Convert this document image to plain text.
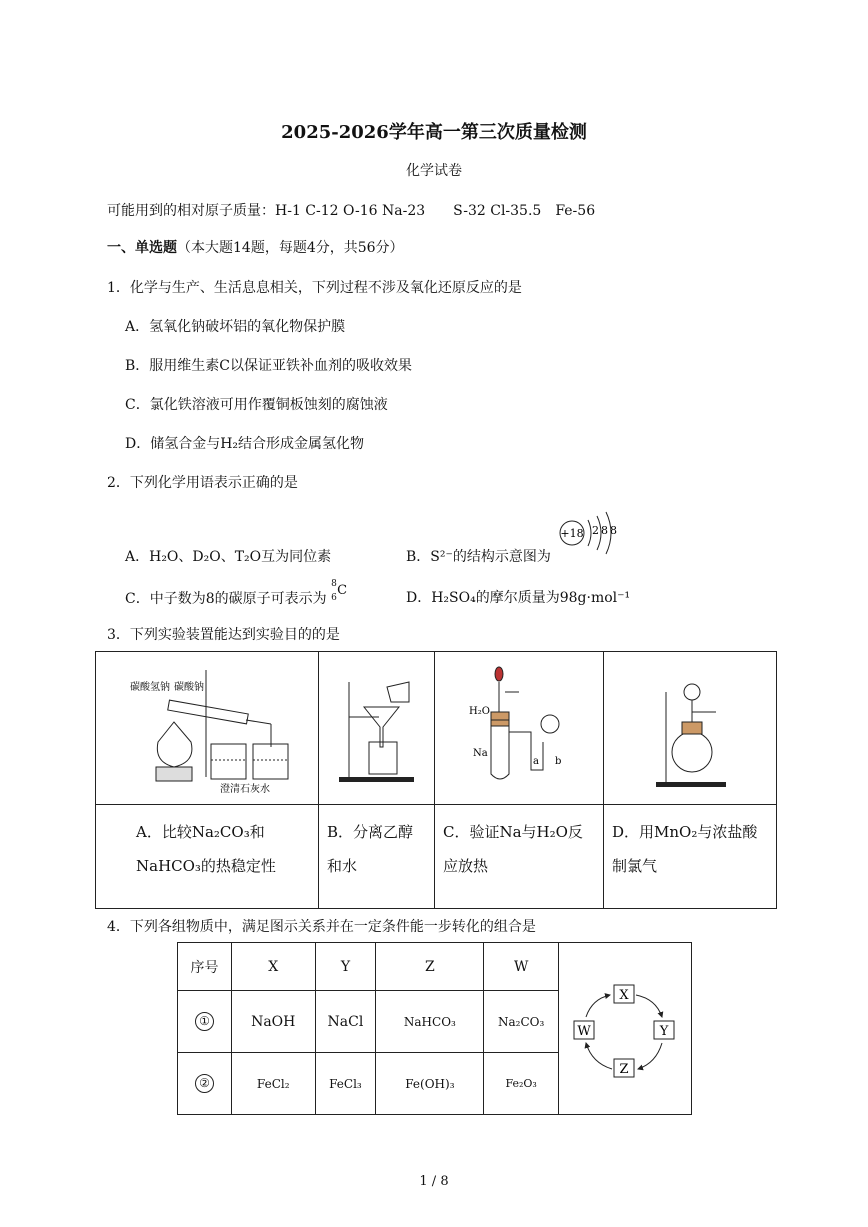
2025-2026学年高一第三次质量检测
化学试卷
可能用到的相对原子质量：H-1 C-12 O-16 Na-23　　S-32 Cl-35.5　Fe-56
一、单选题（本大题14题，每题4分，共56分）
1．化学与生产、生活息息相关，下列过程不涉及氧化还原反应的是
A．氢氧化钠破坏铝的氧化物保护膜
B．服用维生素C以保证亚铁补血剂的吸收效果
C．氯化铁溶液可用作覆铜板蚀刻的腐蚀液
D．储氢合金与H₂结合形成金属氢化物
2．下列化学用语表示正确的是
A．H₂O、D₂O、T₂O互为同位素	B．S²⁻的结构示意图为
+18 2 8 8
C．中子数为8的碳原子可表示为
8
6 C	D．H₂SO₄的摩尔质量为98g·mol⁻¹
3．下列实验装置能达到实验目的的是
碳酸氢钠 碳酸钠
澄清石灰水		H₂O
Na
a b

A．比较Na₂CO₃和NaHCO₃的热稳定性	B．分离乙醇和水	C．验证Na与H₂O反应放热	D．用MnO₂与浓盐酸制氯气
4．下列各组物质中，满足图示关系并在一定条件能一步转化的组合是
序号	X	Y	Z	W	X
Y
Z
W

①	NaOH	NaCl	NaHCO₃	Na₂CO₃	
②	FeCl₂	FeCl₃	Fe(OH)₃	Fe₂O₃	
1 / 8
